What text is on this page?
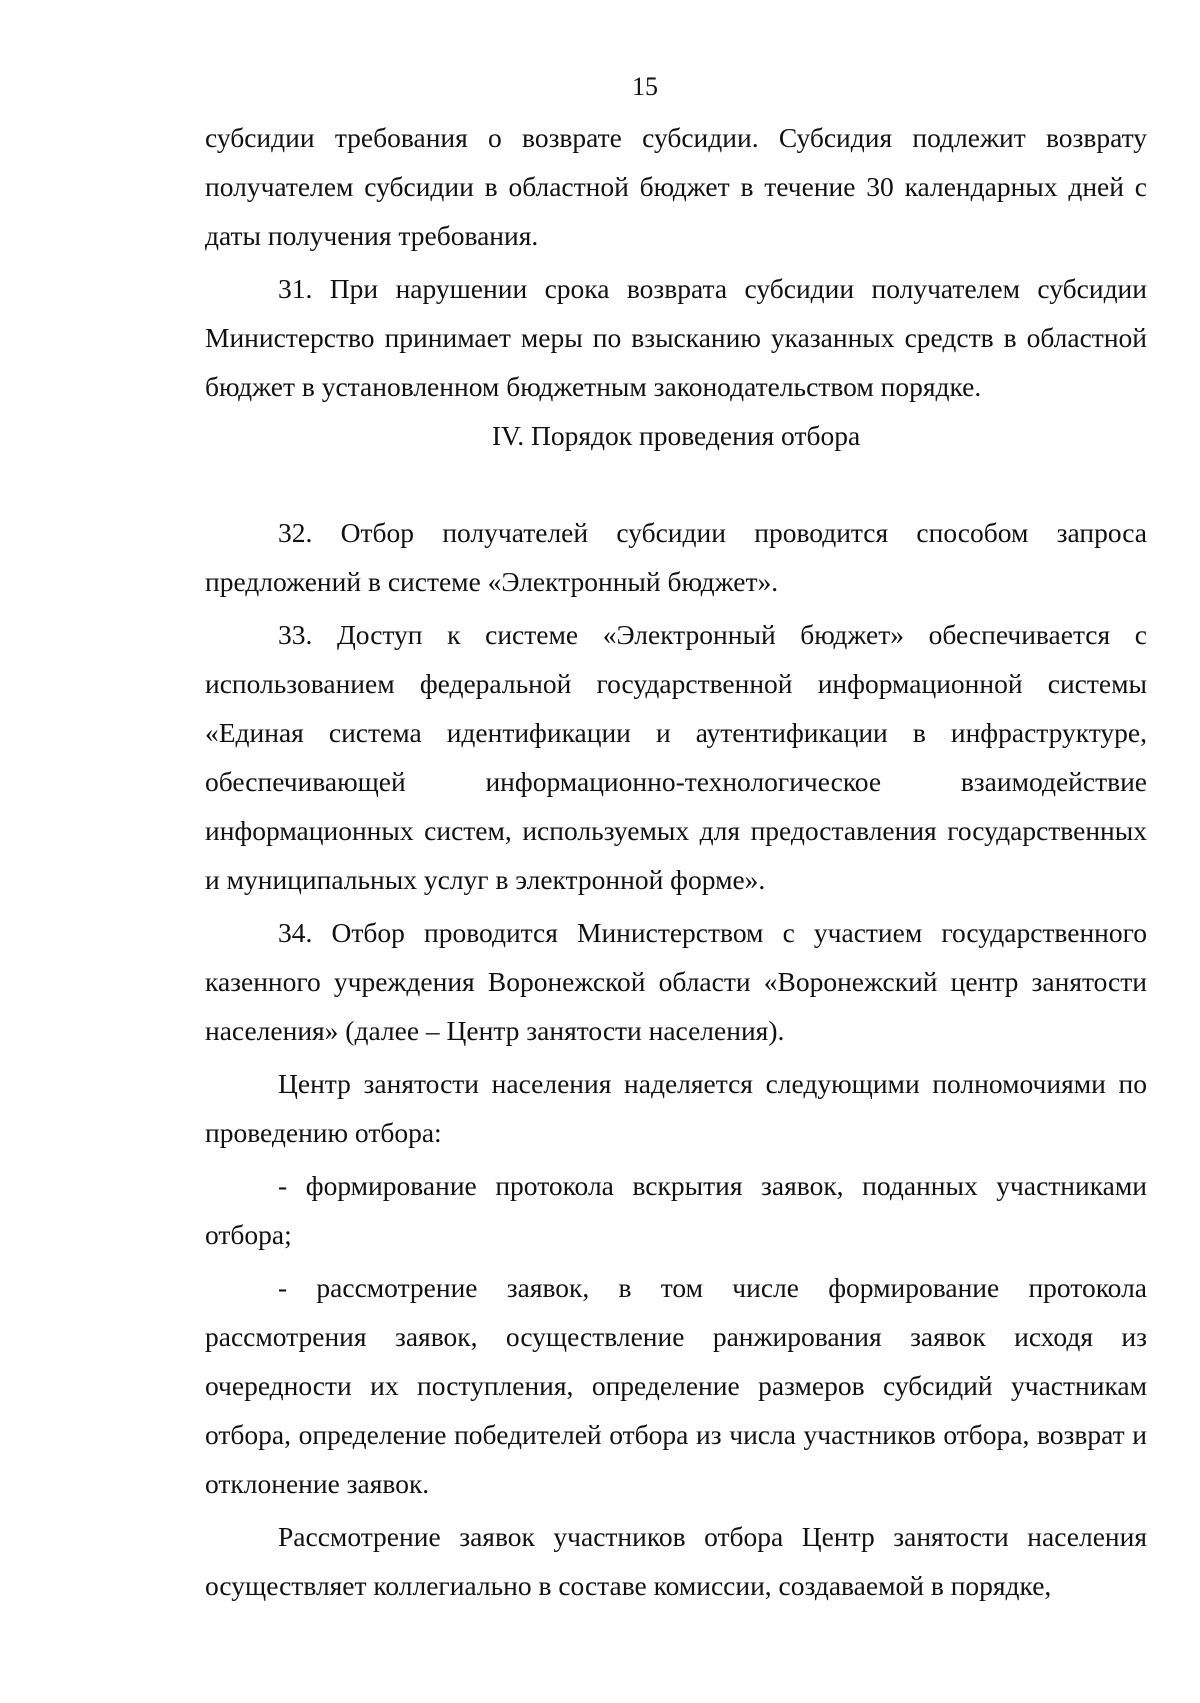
15

субсидии требования о возврате субсидии. Субсидия подлежит возврату получателем субсидии в областной бюджет в течение 30 календарных дней с даты получения требования.

31. При нарушении срока возврата субсидии получателем субсидии Министерство принимает меры по взысканию указанных средств в областной бюджет в установленном бюджетным законодательством порядке.

IV. Порядок проведения отбора

32. Отбор получателей субсидии проводится способом запроса предложений в системе «Электронный бюджет».

33. Доступ к системе «Электронный бюджет» обеспечивается с использованием федеральной государственной информационной системы «Единая система идентификации и аутентификации в инфраструктуре, обеспечивающей информационно-технологическое взаимодействие информационных систем, используемых для предоставления государственных и муниципальных услуг в электронной форме».

34. Отбор проводится Министерством с участием государственного казенного учреждения Воронежской области «Воронежский центр занятости населения» (далее – Центр занятости населения).

Центр занятости населения наделяется следующими полномочиями по проведению отбора:

- формирование протокола вскрытия заявок, поданных участниками отбора;

- рассмотрение заявок, в том числе формирование протокола рассмотрения заявок, осуществление ранжирования заявок исходя из очередности их поступления, определение размеров субсидий участникам отбора, определение победителей отбора из числа участников отбора, возврат и отклонение заявок.

Рассмотрение заявок участников отбора Центр занятости населения осуществляет коллегиально в составе комиссии, создаваемой в порядке,
